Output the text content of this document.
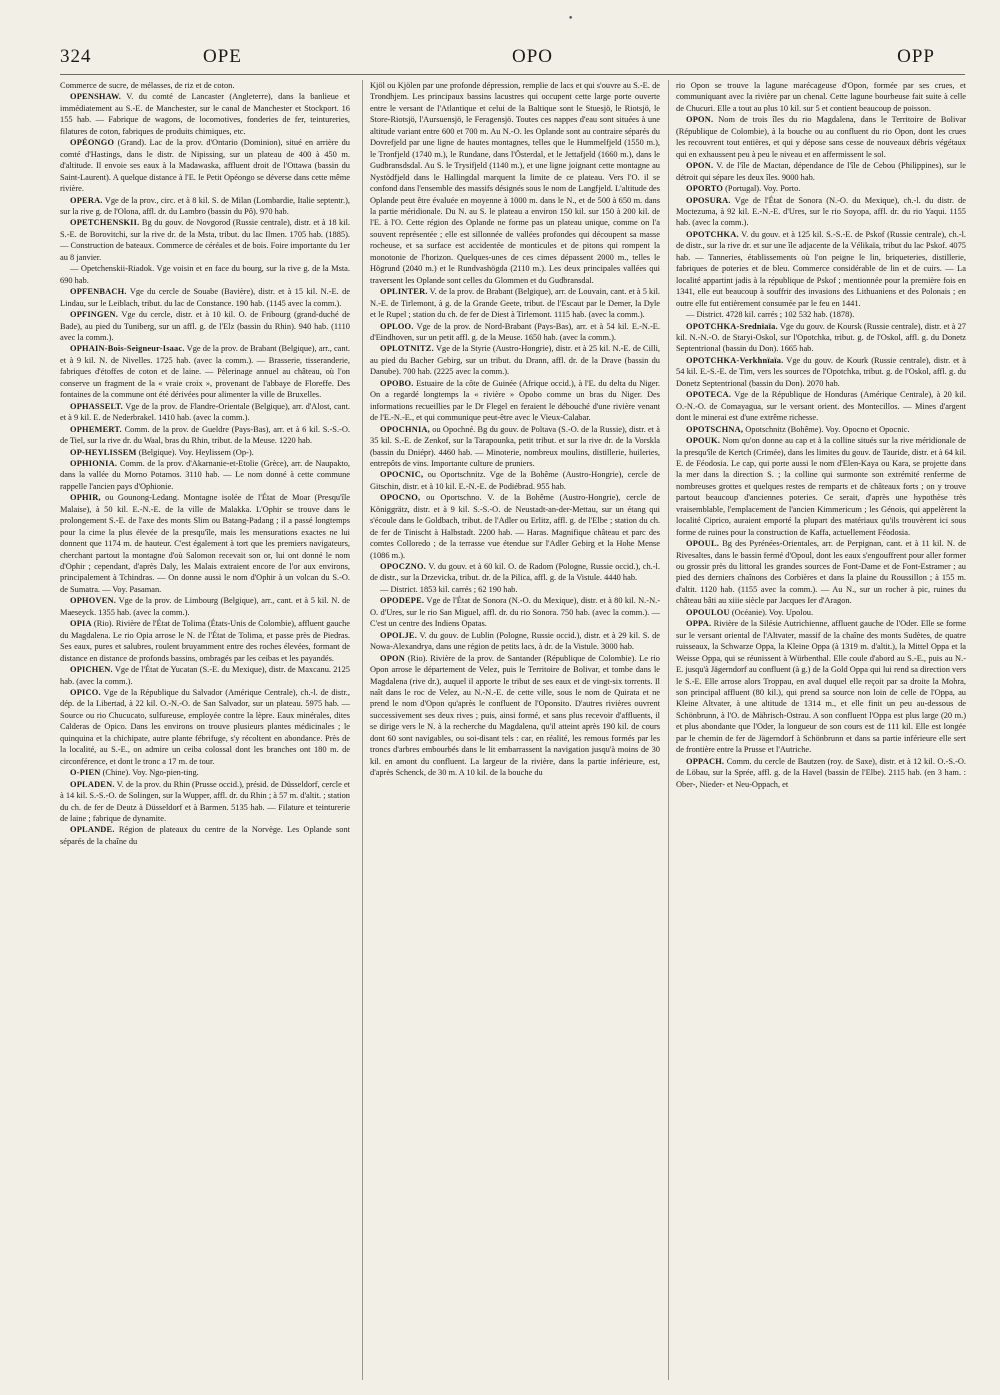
•
324	OPE	OPO	OPP
Commerce de sucre, de mélasses, de riz et de coton.
OPENSHAW. V. du comté de Lancaster (Angleterre), dans la banlieue et immédiatement au S.-E. de Manchester, sur le canal de Manchester et Stockport. 16 155 hab. — Fabrique de wagons, de locomotives, fonderies de fer, teintureries, filatures de coton, fabriques de produits chimiques, etc.
OPÉONGO (Grand). Lac de la prov. d'Ontario (Dominion), situé en arrière du comté d'Hastings, dans le distr. de Nipissing, sur un plateau de 400 à 450 m. d'altitude. Il envoie ses eaux à la Madawaska, affluent droit de l'Ottawa (bassin du Saint-Laurent). A quelque distance à l'E. le Petit Opéongo se déverse dans cette même rivière.
OPERA. Vge de la prov., circ. et à 8 kil. S. de Milan (Lombardie, Italie septentr.), sur la rive g. de l'Olona, affl. dr. du Lambro (bassin du Pô). 970 hab.
OPETCHENSKII. Bg du gouv. de Novgorod (Russie centrale), distr. et à 18 kil. S.-E. de Borovitchi, sur la rive dr. de la Msta, tribut. du lac Ilmen. 1705 hab. (1885). — Construction de bateaux. Commerce de céréales et de bois. Foire importante du 1er au 8 janvier.
— Opetchenskii-Riadok. Vge voisin et en face du bourg, sur la rive g. de la Msta. 690 hab.
OPFENBACH. Vge du cercle de Souabe (Bavière), distr. et à 15 kil. N.-E. de Lindau, sur le Leiblach, tribut. du lac de Constance. 190 hab. (1145 avec la comm.).
OPFINGEN. Vge du cercle, distr. et à 10 kil. O. de Fribourg (grand-duché de Bade), au pied du Tuniberg, sur un affl. g. de l'Elz (bassin du Rhin). 940 hab. (1110 avec la comm.).
OPHAIN-Bois-Seigneur-Isaac. Vge de la prov. de Brabant (Belgique), arr., cant. et à 9 kil. N. de Nivelles. 1725 hab. (avec la comm.). — Brasserie, tisseranderie, fabriques d'étoffes de coton et de laine. — Pèlerinage annuel au château, où l'on conserve un fragment de la « vraie croix », provenant de l'abbaye de Floreffe. Des fontaines de la commune ont été dérivées pour alimenter la ville de Bruxelles.
OPHASSELT. Vge de la prov. de Flandre-Orientale (Belgique), arr. d'Alost, cant. et à 9 kil. E. de Nederbrakel. 1410 hab. (avec la comm.).
OPHEMERT. Comm. de la prov. de Gueldre (Pays-Bas), arr. et à 6 kil. S.-S.-O. de Tiel, sur la rive dr. du Waal, bras du Rhin, tribut. de la Meuse. 1220 hab.
OP-HEYLISSEM (Belgique). Voy. Heylissem (Op-).
OPHIONIA. Comm. de la prov. d'Akarnanie-et-Etolie (Grèce), arr. de Naupakto, dans la vallée du Morno Potamos. 3110 hab. — Le nom donné à cette commune rappelle l'ancien pays d'Ophionie.
OPHIR, ou Gounong-Ledang. Montagne isolée de l'État de Moar (Presqu'île Malaise), à 50 kil. E.-N.-E. de la ville de Malakka. L'Ophir se trouve dans le prolongement S.-E. de l'axe des monts Slim ou Batang-Padang ; il a passé longtemps pour la cime la plus élevée de la presqu'île, mais les mensurations exactes ne lui donnent que 1174 m. de hauteur. C'est également à tort que les premiers navigateurs, cherchant partout la montagne d'où Salomon recevait son or, lui ont donné le nom d'Ophir ; cependant, d'après Daly, les Malais extraient encore de l'or aux environs, principalement à Tchindras. — On donne aussi le nom d'Ophir à un volcan du S.-O. de Sumatra. — Voy. Pasaman.
OPHOVEN. Vge de la prov. de Limbourg (Belgique), arr., cant. et à 5 kil. N. de Maeseyck. 1355 hab. (avec la comm.).
OPIA (Rio). Rivière de l'État de Tolima (États-Unis de Colombie), affluent gauche du Magdalena. Le rio Opia arrose le N. de l'État de Tolima, et passe près de Piedras. Ses eaux, pures et salubres, roulent bruyamment entre des roches élevées, formant de distance en distance de profonds bassins, ombragés par les ceibas et les payandés.
OPICHEN. Vge de l'État de Yucatan (S.-E. du Mexique), distr. de Maxcanu. 2125 hab. (avec la comm.).
OPICO. Vge de la République du Salvador (Amérique Centrale), ch.-l. de distr., dép. de la Libertad, à 22 kil. O.-N.-O. de San Salvador, sur un plateau. 5975 hab. — Source ou rio Chucucato, sulfureuse, employée contre la lèpre. Eaux minérales, dites Calderas de Opico. Dans les environs on trouve plusieurs plantes médicinales ; le quinquina et la chichipate, autre plante fébrifuge, s'y récoltent en abondance. Près de la localité, au S.-E., on admire un ceiba colossal dont les branches ont 180 m. de circonférence, et dont le tronc a 17 m. de tour.
O-PIEN (Chine). Voy. Ngo-pien-ting.
OPLADEN. V. de la prov. du Rhin (Prusse occid.), présid. de Düsseldorf, cercle et à 14 kil. S.-S.-O. de Solingen, sur la Wupper, affl. dr. du Rhin ; à 57 m. d'altit. ; station du ch. de fer de Deutz à Düsseldorf et à Barmen. 5135 hab. — Filature et teinturerie de laine ; fabrique de dynamite.
OPLANDE. Région de plateaux du centre de la Norvège. Les Oplande sont séparés de la chaîne du
Kjöl ou Kjölen par une profonde dépression, remplie de lacs et qui s'ouvre au S.-E. de Trondhjem. Les principaux bassins lacustres qui occupent cette large porte ouverte entre le versant de l'Atlantique et celui de la Baltique sont le Stuesjö, le Riotsjö, le Store-Riotsjö, l'Aursuensjö, le Feragensjö. Toutes ces nappes d'eau sont situées à une altitude variant entre 600 et 700 m. Au N.-O. les Oplande sont au contraire séparés du Dovrefjeld par une ligne de hautes montagnes, telles que le Hummelfjeld (1550 m.), le Tronfjeld (1740 m.), le Rundane, dans l'Österdal, et le Jettafjeld (1660 m.), dans le Gudbransdsdal. Au S. le Trysifjeld (1140 m.), et une ligne joignant cette montagne au Nystödfjeld dans le Hallingdal marquent la limite de ce plateau. Vers l'O. il se confond dans l'ensemble des massifs désignés sous le nom de Langfjeld. L'altitude des Oplande peut être évaluée en moyenne à 1000 m. dans le N., et de 500 à 650 m. dans la partie méridionale. Du N. au S. le plateau a environ 150 kil. sur 150 à 200 kil. de l'E. à l'O. Cette région des Oplande ne forme pas un plateau unique, comme on l'a souvent représentée ; elle est sillonnée de vallées profondes qui découpent sa masse rocheuse, et sa surface est accidentée de monticules et de pitons qui rompent la monotonie de l'horizon. Quelques-unes de ces cimes dépassent 2000 m., telles le Högrund (2040 m.) et le Rundvashögda (2110 m.). Les deux principales vallées qui traversent les Oplande sont celles du Glommen et du Gudbransdal.
OPLINTER. V. de la prov. de Brabant (Belgique), arr. de Louvain, cant. et à 5 kil. N.-E. de Tirlemont, à g. de la Grande Geete, tribut. de l'Escaut par le Demer, la Dyle et le Rupel ; station du ch. de fer de Diest à Tirlemont. 1115 hab. (avec la comm.).
OPLOO. Vge de la prov. de Nord-Brabant (Pays-Bas), arr. et à 54 kil. E.-N.-E. d'Eindhoven, sur un petit affl. g. de la Meuse. 1650 hab. (avec la comm.).
OPLOTNITZ. Vge de la Styrie (Austro-Hongrie), distr. et à 25 kil. N.-E. de Cilli, au pied du Bacher Gebirg, sur un tribut. du Drann, affl. dr. de la Drave (bassin du Danube). 700 hab. (2225 avec la comm.).
OPOBO. Estuaire de la côte de Guinée (Afrique occid.), à l'E. du delta du Niger. On a regardé longtemps la « rivière » Opobo comme un bras du Niger. Des informations recueillies par le Dr Flegel en feraient le débouché d'une rivière venant de l'E.-N.-E., et qui communique peut-être avec le Vieux-Calabar.
OPOCHNIA, ou Opochné. Bg du gouv. de Poltava (S.-O. de la Russie), distr. et à 35 kil. S.-E. de Zenkof, sur la Tarapounka, petit tribut. et sur la rive dr. de la Vorskla (bassin du Dniépr). 4460 hab. — Minoterie, nombreux moulins, distillerie, huileries, entrepôts de vins. Importante culture de pruniers.
OPOCNIC, ou Oportschnitz. Vge de la Bohême (Austro-Hongrie), cercle de Gitschin, distr. et à 10 kil. E.-N.-E. de Podiébrad. 955 hab.
OPOCNO, ou Oportschno. V. de la Bohême (Austro-Hongrie), cercle de Königgrätz, distr. et à 9 kil. S.-S.-O. de Neustadt-an-der-Mettau, sur un étang qui s'écoule dans le Goldbach, tribut. de l'Adler ou Erlitz, affl. g. de l'Elbe ; station du ch. de fer de Tinischt à Halbstadt. 2200 hab. — Haras. Magnifique château et parc des comtes Colloredo ; de la terrasse vue étendue sur l'Adler Gebirg et la Hohe Mense (1086 m.).
OPOCZNO. V. du gouv. et à 60 kil. O. de Radom (Pologne, Russie occid.), ch.-l. de distr., sur la Drzevicka, tribut. dr. de la Pilica, affl. g. de la Vistule. 4440 hab.
— District. 1853 kil. carrés ; 62 190 hab.
OPODEPE. Vge de l'État de Sonora (N.-O. du Mexique), distr. et à 80 kil. N.-N.-O. d'Ures, sur le rio San Miguel, affl. dr. du rio Sonora. 750 hab. (avec la comm.). — C'est un centre des Indiens Opatas.
OPOLJE. V. du gouv. de Lublin (Pologne, Russie occid.), distr. et à 29 kil. S. de Nowa-Alexandrya, dans une région de petits lacs, à dr. de la Vistule. 3000 hab.
OPON (Rio). Rivière de la prov. de Santander (République de Colombie). Le rio Opon arrose le département de Velez, puis le Territoire de Bolivar, et tombe dans le Magdalena (rive dr.), auquel il apporte le tribut de ses eaux et de vingt-six torrents. Il naît dans le roc de Velez, au N.-N.-E. de cette ville, sous le nom de Quirata et ne prend le nom d'Opon qu'après le confluent de l'Oponsito. D'autres rivières ouvrent successivement ses deux rives ; puis, ainsi formé, et sans plus recevoir d'affluents, il se dirige vers le N. à la recherche du Magdalena, qu'il atteint après 190 kil. de cours dont 60 sont navigables, ou soi-disant tels : car, en réalité, les remous formés par les troncs d'arbres embourbés dans le lit embarrassent la navigation jusqu'à moins de 30 kil. en amont du confluent. La largeur de la rivière, dans la partie inférieure, est, d'après Schenck, de 30 m. A 10 kil. de la bouche du
rio Opon se trouve la lagune marécageuse d'Opon, formée par ses crues, et communiquant avec la rivière par un chenal. Cette lagune bourbeuse fait suite à celle de Chucuri. Elle a tout au plus 10 kil. sur 5 et contient beaucoup de poisson.
OPON. Nom de trois îles du rio Magdalena, dans le Territoire de Bolivar (République de Colombie), à la bouche ou au confluent du rio Opon, dont les crues les recouvrent tout entières, et qui y dépose sans cesse de nouveaux débris végétaux qui en exhaussent peu à peu le niveau et en affermissent le sol.
OPON. V. de l'île de Mactan, dépendance de l'île de Cebou (Philippines), sur le détroit qui sépare les deux îles. 9000 hab.
OPORTO (Portugal). Voy. Porto.
OPOSURA. Vge de l'État de Sonora (N.-O. du Mexique), ch.-l. du distr. de Moctezuma, à 92 kil. E.-N.-E. d'Ures, sur le rio Soyopa, affl. dr. du rio Yaqui. 1155 hab. (avec la comm.).
OPOTCHKA. V. du gouv. et à 125 kil. S.-S.-E. de Pskof (Russie centrale), ch.-l. de distr., sur la rive dr. et sur une île adjacente de la Vélikaïa, tribut du lac Pskof. 4075 hab. — Tanneries, établissements où l'on peigne le lin, briqueteries, distillerie, fabriques de poteries et de bleu. Commerce considérable de lin et de cuirs. — La localité appartint jadis à la république de Pskof ; mentionnée pour la première fois en 1341, elle eut beaucoup à souffrir des invasions des Lithuaniens et des Polonais ; en outre elle fut entièrement consumée par le feu en 1441.
— District. 4728 kil. carrés ; 102 532 hab. (1878).
OPOTCHKA-Srednïaïa. Vge du gouv. de Koursk (Russie centrale), distr. et à 27 kil. N.-N.-O. de Staryi-Oskol, sur l'Opotchka, tribut. g. de l'Oskol, affl. g. du Donetz Septentrional (bassin du Don). 1665 hab.
OPOTCHKA-Verkhnïaïa. Vge du gouv. de Kourk (Russie centrale), distr. et à 54 kil. E.-S.-E. de Tim, vers les sources de l'Opotchka, tribut. g. de l'Oskol, affl. g. du Donetz Septentrional (bassin du Don). 2070 hab.
OPOTECA. Vge de la République de Honduras (Amérique Centrale), à 20 kil. O.-N.-O. de Comayagua, sur le versant orient. des Montecillos. — Mines d'argent dont le minerai est d'une extrême richesse.
OPOTSCHNA, Opotschnitz (Bohême). Voy. Opocno et Opocnic.
OPOUK. Nom qu'on donne au cap et à la colline situés sur la rive méridionale de la presqu'île de Kertch (Crimée), dans les limites du gouv. de Tauride, distr. et à 64 kil. E. de Féodosia. Le cap, qui porte aussi le nom d'Elen-Kaya ou Kara, se projette dans la mer dans la direction S. ; la colline qui surmonte son extrémité renferme de nombreuses grottes et quelques restes de remparts et de châteaux forts ; on y trouve partout beaucoup d'anciennes poteries. Ce serait, d'après une hypothèse très vraisemblable, l'emplacement de l'ancien Kimmericum ; les Génois, qui appelèrent la localité Ciprico, auraient emporté la plupart des matériaux qu'ils trouvèrent ici sous forme de ruines pour la construction de Kaffa, actuellement Féodosia.
OPOUL. Bg des Pyrénées-Orientales, arr. de Perpignan, cant. et à 11 kil. N. de Rivesaltes, dans le bassin fermé d'Opoul, dont les eaux s'engouffrent pour aller former ou grossir près du littoral les grandes sources de Font-Dame et de Font-Estramer ; au pied des derniers chaînons des Corbières et dans la plaine du Roussillon ; à 155 m. d'altit. 1120 hab. (1155 avec la comm.). — Au N., sur un rocher à pic, ruines du château bâti au xiiie siècle par Jacques Ier d'Aragon.
OPOULOU (Océanie). Voy. Upolou.
OPPA. Rivière de la Silésie Autrichienne, affluent gauche de l'Oder. Elle se forme sur le versant oriental de l'Altvater, massif de la chaîne des monts Sudètes, de quatre ruisseaux, la Schwarze Oppa, la Kleine Oppa (à 1319 m. d'altit.), la Mittel Oppa et la Weisse Oppa, qui se réunissent à Würbenthal. Elle coule d'abord au S.-E., puis au N.-E. jusqu'à Jägerndorf au confluent (à g.) de la Gold Oppa qui lui rend sa direction vers le S.-E. Elle arrose alors Troppau, en aval duquel elle reçoit par sa droite la Mohra, son principal affluent (80 kil.), qui prend sa source non loin de celle de l'Oppa, au Kleine Altvater, à une altitude de 1314 m., et elle finit un peu au-dessous de Schönbrunn, à l'O. de Mährisch-Ostrau. A son confluent l'Oppa est plus large (20 m.) et plus abondante que l'Oder, la longueur de son cours est de 111 kil. Elle est longée par le chemin de fer de Jägerndorf à Schönbrunn et dans sa partie inférieure elle sert de frontière entre la Prusse et l'Autriche.
OPPACH. Comm. du cercle de Bautzen (roy. de Saxe), distr. et à 12 kil. O.-S.-O. de Löbau, sur la Sprée, affl. g. de la Havel (bassin de l'Elbe). 2115 hab. (en 3 ham. : Ober-, Nieder- et Neu-Oppach, et
